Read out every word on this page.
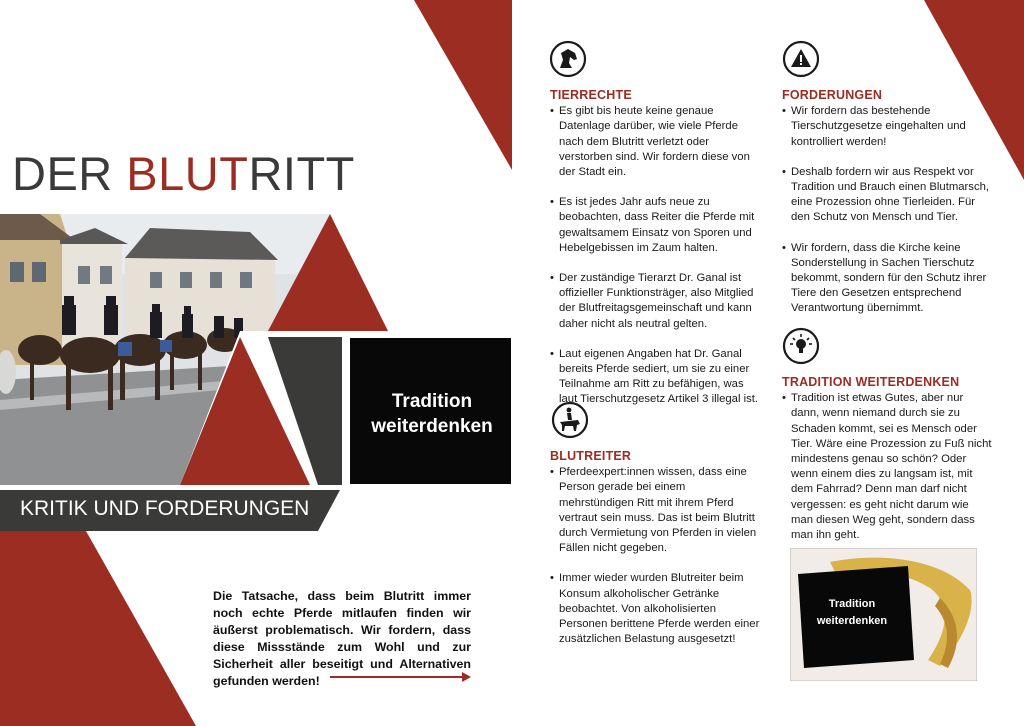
DER BLUTRITT
Tradition
weiterdenken
KRITIK UND FORDERUNGEN
Die Tatsache, dass beim Blutritt immer noch echte Pferde mitlaufen finden wir äußerst problematisch. Wir fordern, dass diese Missstände zum Wohl und zur Sicherheit aller beseitigt und Alternativen gefunden werden!
TIERRECHTE
• Es gibt bis heute keine genaue Datenlage darüber, wie viele Pferde nach dem Blutritt verletzt oder verstorben sind. Wir fordern diese von der Stadt ein.
• Es ist jedes Jahr aufs neue zu beobachten, dass Reiter die Pferde mit gewaltsamem Einsatz von Sporen und Hebelgebissen im Zaum halten.
• Der zuständige Tierarzt Dr. Ganal ist offizieller Funktionsträger, also Mitglied der Blutfreitagsgemeinschaft und kann daher nicht als neutral gelten.
• Laut eigenen Angaben hat Dr. Ganal bereits Pferde sediert, um sie zu einer Teilnahme am Ritt zu befähigen, was laut Tierschutzgesetz Artikel 3 illegal ist.
BLUTREITER
• Pferdeexpert:innen wissen, dass eine Person gerade bei einem mehrstündigen Ritt mit ihrem Pferd vertraut sein muss. Das ist beim Blutritt durch Vermietung von Pferden in vielen Fällen nicht gegeben.
• Immer wieder wurden Blutreiter beim Konsum alkoholischer Getränke beobachtet. Von alkoholisierten Personen berittene Pferde werden einer zusätzlichen Belastung ausgesetzt!
FORDERUNGEN
• Wir fordern das bestehende Tierschutzgesetze eingehalten und kontrolliert werden!
• Deshalb fordern wir aus Respekt vor Tradition und Brauch einen Blutmarsch, eine Prozession ohne Tierleiden. Für den Schutz von Mensch und Tier.
• Wir fordern, dass die Kirche keine Sonderstellung in Sachen Tierschutz bekommt, sondern für den Schutz ihrer Tiere den Gesetzen entsprechend Verantwortung übernimmt.
TRADITION WEITERDENKEN
• Tradition ist etwas Gutes, aber nur dann, wenn niemand durch sie zu Schaden kommt, sei es Mensch oder Tier. Wäre eine Prozession zu Fuß nicht mindestens genau so schön? Oder wenn einem dies zu langsam ist, mit dem Fahrrad? Denn man darf nicht vergessen: es geht nicht darum wie man diesen Weg geht, sondern dass man ihn geht.
Tradition
weiterdenken
